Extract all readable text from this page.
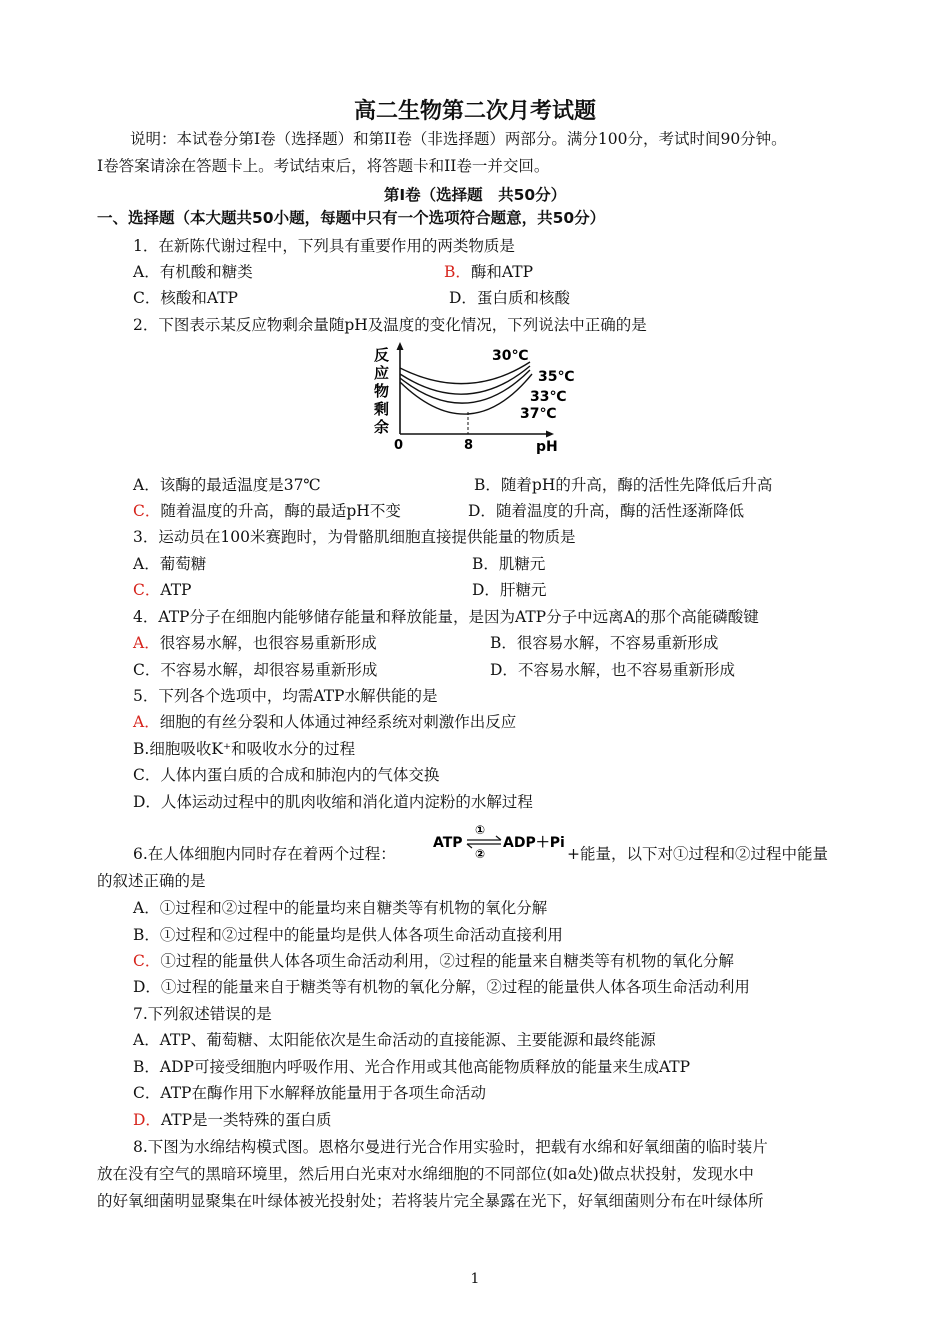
高二生物第二次月考试题
说明：本试卷分第Ⅰ卷（选择题）和第II卷（非选择题）两部分。满分100分，考试时间90分钟。
Ⅰ卷答案请涂在答题卡上。考试结束后，将答题卡和II卷一并交回。
第Ⅰ卷（选择题　共50分）
一、选择题（本大题共50小题，每题中只有一个选项符合题意，共50分）
1．在新陈代谢过程中，下列具有重要作用的两类物质是
A．有机酸和糖类	B．酶和ATP
C．核酸和ATP	D．蛋白质和核酸
2．下图表示某反应物剩余量随pH及温度的变化情况，下列说法中正确的是
反
应
物
剩
余
0	8	pH
30℃
35℃
33℃
37℃
A．该酶的最适温度是37℃	B．随着pH的升高，酶的活性先降低后升高
C．随着温度的升高，酶的最适pH不变	D．随着温度的升高，酶的活性逐渐降低
3．运动员在100米赛跑时，为骨骼肌细胞直接提供能量的物质是
A．葡萄糖	B．肌糖元
C．ATP	D．肝糖元
4．ATP分子在细胞内能够储存能量和释放能量，是因为ATP分子中远离A的那个高能磷酸键
A．很容易水解，也很容易重新形成	B．很容易水解，不容易重新形成
C．不容易水解，却很容易重新形成	D．不容易水解，也不容易重新形成
5．下列各个选项中，均需ATP水解供能的是
A．细胞的有丝分裂和人体通过神经系统对刺激作出反应
B.细胞吸收K⁺和吸收水分的过程
C．人体内蛋白质的合成和肺泡内的气体交换
D．人体运动过程中的肌肉收缩和消化道内淀粉的水解过程
6.在人体细胞内同时存在着两个过程：
ATP
①
②
ADP＋Pi
+能量，以下对①过程和②过程中能量
的叙述正确的是
A．①过程和②过程中的能量均来自糖类等有机物的氧化分解
B．①过程和②过程中的能量均是供人体各项生命活动直接利用
C．①过程的能量供人体各项生命活动利用，②过程的能量来自糖类等有机物的氧化分解
D．①过程的能量来自于糖类等有机物的氧化分解，②过程的能量供人体各项生命活动利用
7.下列叙述错误的是
A．ATP、葡萄糖、太阳能依次是生命活动的直接能源、主要能源和最终能源
B．ADP可接受细胞内呼吸作用、光合作用或其他高能物质释放的能量来生成ATP
C．ATP在酶作用下水解释放能量用于各项生命活动
D．ATP是一类特殊的蛋白质
8.下图为水绵结构模式图。恩格尔曼进行光合作用实验时，把载有水绵和好氧细菌的临时装片
放在没有空气的黑暗环境里，然后用白光束对水绵细胞的不同部位(如a处)做点状投射，发现水中
的好氧细菌明显聚集在叶绿体被光投射处；若将装片完全暴露在光下，好氧细菌则分布在叶绿体所
1
